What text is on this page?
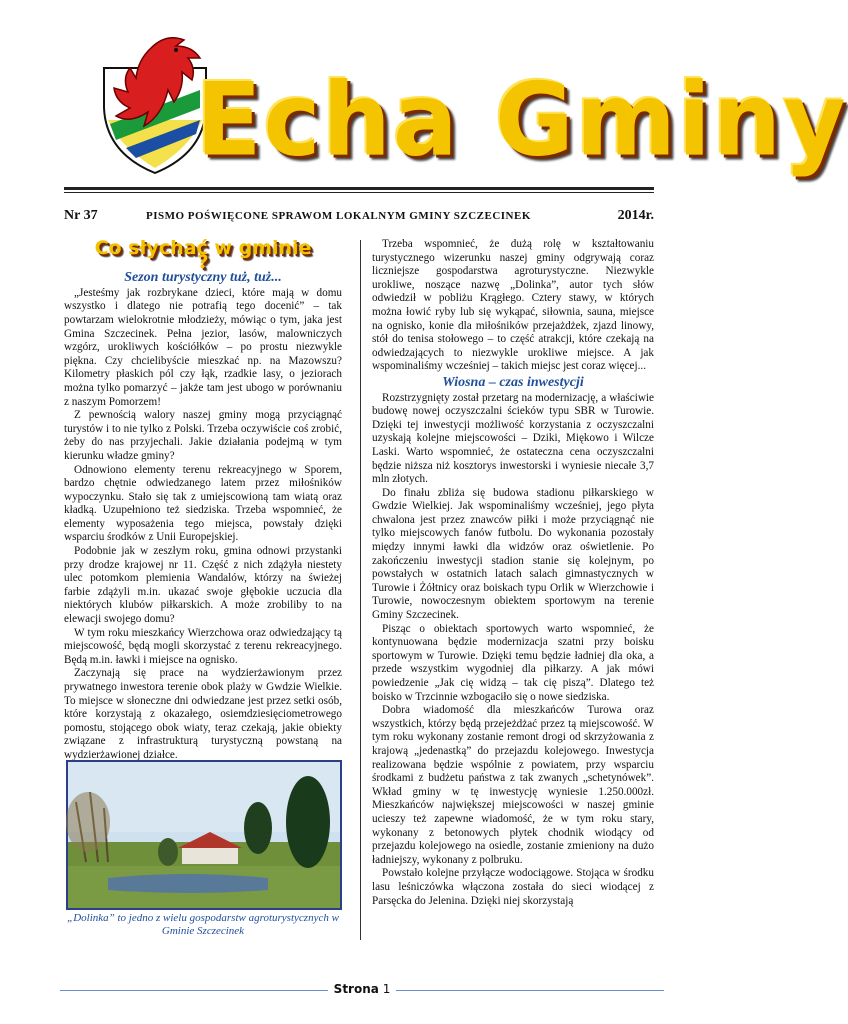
Echa Gminy
Nr 37	PISMO POŚWIĘCONE SPRAWOM LOKALNYM GMINY SZCZECINEK	2014r.
Co słychać w gminie ?
Sezon turystyczny tuż, tuż...

„Jesteśmy jak rozbrykane dzieci, które mają w domu wszystko i dlatego nie potrafią tego docenić” – tak powtarzam wielokrotnie młodzieży, mówiąc o tym, jaka jest Gmina Szczecinek. Pełna jezior, lasów, malowniczych wzgórz, urokliwych kościółków – po prostu niezwykle piękna. Czy chcielibyście mieszkać np. na Mazowszu? Kilometry płaskich pól czy łąk, rzadkie lasy, o jeziorach można tylko pomarzyć – jakże tam jest ubogo w porównaniu z naszym Pomorzem!

Z pewnością walory naszej gminy mogą przyciągnąć turystów i to nie tylko z Polski. Trzeba oczywiście coś zrobić, żeby do nas przyjechali. Jakie działania podejmą w tym kierunku władze gminy?

Odnowiono elementy terenu rekreacyjnego w Sporem, bardzo chętnie odwiedzanego latem przez miłośników wypoczynku. Stało się tak z umiejscowioną tam wiatą oraz kładką. Uzupełniono też siedziska. Trzeba wspomnieć, że elementy wyposażenia tego miejsca, powstały dzięki wsparciu środków z Unii Europejskiej.

Podobnie jak w zeszłym roku, gmina odnowi przystanki przy drodze krajowej nr 11. Część z nich zdążyła niestety ulec potomkom plemienia Wandalów, którzy na świeżej farbie zdążyli m.in. ukazać swoje głębokie uczucia dla niektórych klubów piłkarskich. A może zrobiliby to na elewacji swojego domu?

W tym roku mieszkańcy Wierzchowa oraz odwiedzający tą miejscowość, będą mogli skorzystać z terenu rekreacyjnego. Będą m.in. ławki i miejsce na ognisko.

Zaczynają się prace na wydzierżawionym przez prywatnego inwestora terenie obok plaży w Gwdzie Wielkie. To miejsce w słoneczne dni odwiedzane jest przez setki osób, które korzystają z okazałego, osiemdziesięciometrowego pomostu, stojącego obok wiaty, teraz czekają, jakie obiekty związane z infrastrukturą turystyczną powstaną na wydzierżawionej działce.

„Dolinka” to jedno z wielu gospodarstw agroturystycznych w Gminie Szczecinek

Trzeba wspomnieć, że dużą rolę w kształtowaniu turystycznego wizerunku naszej gminy odgrywają coraz liczniejsze gospodarstwa agroturystyczne. Niezwykle urokliwe, noszące nazwę „Dolinka”, autor tych słów odwiedził w pobliżu Krągłego. Cztery stawy, w których można łowić ryby lub się wykąpać, siłownia, sauna, miejsce na ognisko, konie dla miłośników przejażdżek, zjazd linowy, stół do tenisa stołowego – to część atrakcji, które czekają na odwiedzających to niezwykle urokliwe miejsce. A jak wspominaliśmy wcześniej – takich miejsc jest coraz więcej...

Wiosna – czas inwestycji

Rozstrzygnięty został przetarg na modernizację, a właściwie budowę nowej oczyszczalni ścieków typu SBR w Turowie. Dzięki tej inwestycji możliwość korzystania z oczyszczalni uzyskają kolejne miejscowości – Dziki, Miękowo i Wilcze Laski. Warto wspomnieć, że ostateczna cena oczyszczalni będzie niższa niż kosztorys inwestorski i wyniesie niecałe 3,7 mln złotych.

Do finału zbliża się budowa stadionu piłkarskiego w Gwdzie Wielkiej. Jak wspominaliśmy wcześniej, jego płyta chwalona jest przez znawców piłki i może przyciągnąć nie tylko miejscowych fanów futbolu. Do wykonania pozostały między innymi ławki dla widzów oraz oświetlenie. Po zakończeniu inwestycji stadion stanie się kolejnym, po powstałych w ostatnich latach salach gimnastycznych w Turowie i Żółtnicy oraz boiskach typu Orlik w Wierzchowie i Turowie, nowoczesnym obiektem sportowym na terenie Gminy Szczecinek.

Pisząc o obiektach sportowych warto wspomnieć, że kontynuowana będzie modernizacja szatni przy boisku sportowym w Turowie. Dzięki temu będzie ładniej dla oka, a przede wszystkim wygodniej dla piłkarzy. A jak mówi powiedzenie „Jak cię widzą – tak cię piszą”. Dlatego też boisko w Trzcinnie wzbogaciło się o nowe siedziska.

Dobra wiadomość dla mieszkańców Turowa oraz wszystkich, którzy będą przejeżdżać przez tą miejscowość. W tym roku wykonany zostanie remont drogi od skrzyżowania z krajową „jedenastką” do przejazdu kolejowego. Inwestycja realizowana będzie wspólnie z powiatem, przy wsparciu środkami z budżetu państwa z tak zwanych „schetynówek”. Wkład gminy w tę inwestycję wyniesie 1.250.000zł. Mieszkańców największej miejscowości w naszej gminie ucieszy też zapewne wiadomość, że w tym roku stary, wykonany z betonowych płytek chodnik wiodący od przejazdu kolejowego na osiedle, zostanie zmieniony na dużo ładniejszy, wykonany z polbruku.

Powstało kolejne przyłącze wodociągowe. Stojąca w środku lasu leśniczówka włączona została do sieci wiodącej z Parsęcka do Jelenina. Dzięki niej skorzystają

Strona 1
